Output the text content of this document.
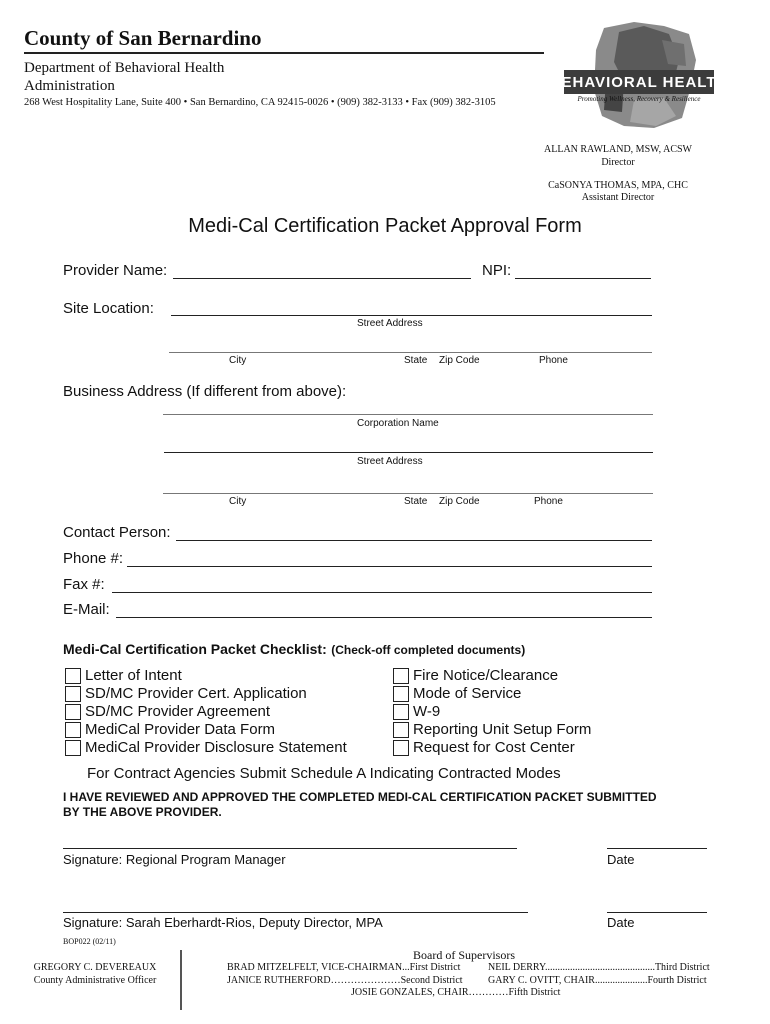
County of San Bernardino
Department of Behavioral Health
Administration
268 West Hospitality Lane, Suite 400 • San Bernardino, CA 92415-0026 • (909) 382-3133 • Fax (909) 382-3105
BEHAVIORAL HEALTH
Promoting Wellness, Recovery & Resilience
ALLAN RAWLAND, MSW, ACSW
Director
CaSONYA THOMAS, MPA, CHC
Assistant Director
Medi-Cal Certification Packet Approval Form
Provider Name:	NPI:
Site Location:
Street Address
City	State Zip Code	Phone
Business Address (If different from above):
Corporation Name
Street Address
City	State Zip Code	Phone
Contact Person:
Phone #:
Fax #:
E-Mail:
Medi-Cal Certification Packet Checklist: (Check-off completed documents)
Letter of Intent
SD/MC Provider Cert. Application
SD/MC Provider Agreement
MediCal Provider Data Form
MediCal Provider Disclosure Statement
Fire Notice/Clearance
Mode of Service
W-9
Reporting Unit Setup Form
Request for Cost Center
For Contract Agencies Submit Schedule A Indicating Contracted Modes
I HAVE REVIEWED AND APPROVED THE COMPLETED MEDI-CAL CERTIFICATION PACKET SUBMITTED
BY THE ABOVE PROVIDER.
Signature: Regional Program Manager	Date
Signature: Sarah Eberhardt-Rios, Deputy Director, MPA	Date
BOP022 (02/11)
Board of Supervisors
GREGORY C. DEVEREAUX
County Administrative Officer
BRAD MITZELFELT, VICE-CHAIRMAN...First District
JANICE RUTHERFORD…………………Second District
NEIL DERRY............................................Third District
GARY C. OVITT, CHAIR.....................Fourth District
JOSIE GONZALES, CHAIR…………Fifth District
